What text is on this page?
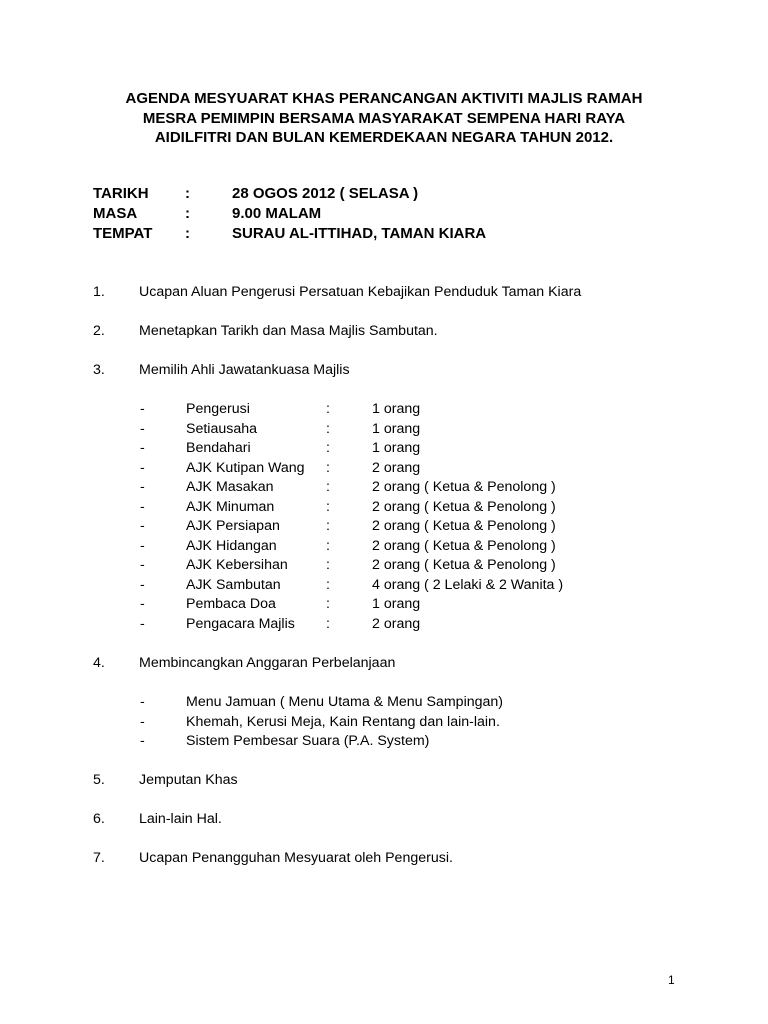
AGENDA MESYUARAT KHAS PERANCANGAN AKTIVITI MAJLIS RAMAH
MESRA PEMIMPIN BERSAMA MASYARAKAT SEMPENA HARI RAYA
AIDILFITRI DAN BULAN KEMERDEKAAN NEGARA TAHUN 2012.
TARIKH :	28 OGOS 2012 ( SELASA )
MASA	:	9.00 MALAM
TEMPAT :	SURAU AL-ITTIHAD, TAMAN KIARA
1. Ucapan Aluan Pengerusi Persatuan Kebajikan Penduduk Taman Kiara
2. Menetapkan Tarikh dan Masa Majlis Sambutan.
3. Memilih Ahli Jawatankuasa Majlis
-	Pengerusi	:	1 orang
-	Setiausaha	:	1 orang
-	Bendahari	:	1 orang
-	AJK Kutipan Wang :	2 orang
-	AJK Masakan	:	2 orang ( Ketua & Penolong )
-	AJK Minuman	:	2 orang ( Ketua & Penolong )
-	AJK Persiapan	:	2 orang ( Ketua & Penolong )
-	AJK Hidangan	:	2 orang ( Ketua & Penolong )
-	AJK Kebersihan	:	2 orang ( Ketua & Penolong )
-	AJK Sambutan	:	4 orang ( 2 Lelaki & 2 Wanita )
-	Pembaca Doa	:	1 orang
-	Pengacara Majlis :	2 orang
4. Membincangkan Anggaran Perbelanjaan
-	Menu Jamuan ( Menu Utama & Menu Sampingan)
-	Khemah, Kerusi Meja, Kain Rentang dan lain-lain.
-	Sistem Pembesar Suara (P.A. System)
5. Jemputan Khas
6. Lain-lain Hal.
7. Ucapan Penangguhan Mesyuarat oleh Pengerusi.
1
